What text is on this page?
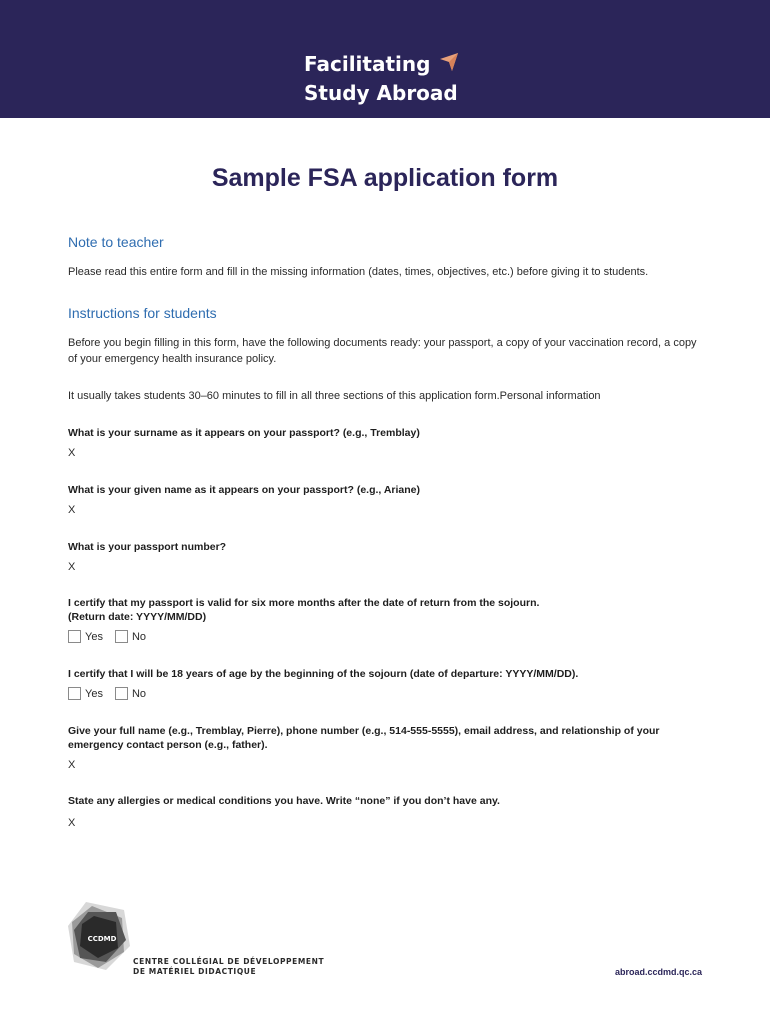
Facilitating
Study Abroad
Sample FSA application form
Note to teacher
Please read this entire form and fill in the missing information (dates, times, objectives, etc.) before giving it to students.
Instructions for students
Before you begin filling in this form, have the following documents ready: your passport, a copy of your vaccination record, a copy of your emergency health insurance policy.
It usually takes students 30–60 minutes to fill in all three sections of this application form.Personal information
What is your surname as it appears on your passport? (e.g., Tremblay)
X
What is your given name as it appears on your passport? (e.g., Ariane)
X
What is your passport number?
X
I certify that my passport is valid for six more months after the date of return from the sojourn.
(Return date: YYYY/MM/DD)
Yes	No
I certify that I will be 18 years of age by the beginning of the sojourn (date of departure: YYYY/MM/DD).
Yes	No
Give your full name (e.g., Tremblay, Pierre), phone number (e.g., 514-555-5555), email address, and relationship of your emergency contact person (e.g., father).
X
State any allergies or medical conditions you have. Write “none” if you don’t have any.
X
CCDMD
CENTRE COLLÉGIAL DE DÉVELOPPEMENT
DE MATÉRIEL DIDACTIQUE	abroad.ccdmd.qc.ca
